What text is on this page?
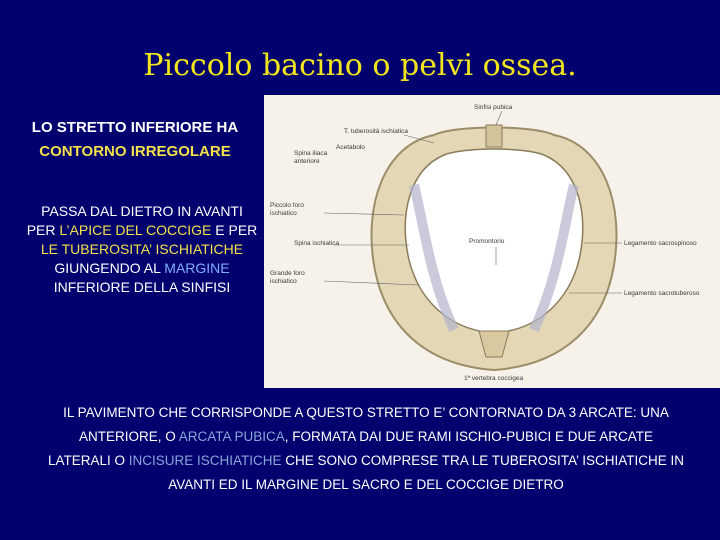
Piccolo bacino o pelvi ossea.
LO STRETTO INFERIORE HA CONTORNO IRREGOLARE
PASSA DAL DIETRO IN AVANTI PER L’APICE DEL COCCIGE E PER LE TUBEROSITA’ ISCHIATICHE GIUNGENDO AL MARGINE INFERIORE DELLA SINFISI
Sinfisi pubica
T. tuberosità ischiatica
Spina iliaca
anteriore
Acetabolo
Piccolo foro
ischiatico
Spina ischiatica
Grande foro
ischiatico
Promontorio	Legamento sacrospinoso
Legamento sacrotuberoso
1ª vertebra coccigea
IL PAVIMENTO CHE CORRISPONDE A QUESTO STRETTO E’ CONTORNATO DA 3 ARCATE: UNA ANTERIORE, O ARCATA PUBICA, FORMATA DAI DUE RAMI ISCHIO-PUBICI E DUE ARCATE LATERALI O INCISURE ISCHIATICHE CHE SONO COMPRESE TRA LE TUBEROSITA’ ISCHIATICHE IN AVANTI ED IL MARGINE DEL SACRO E DEL COCCIGE DIETRO
